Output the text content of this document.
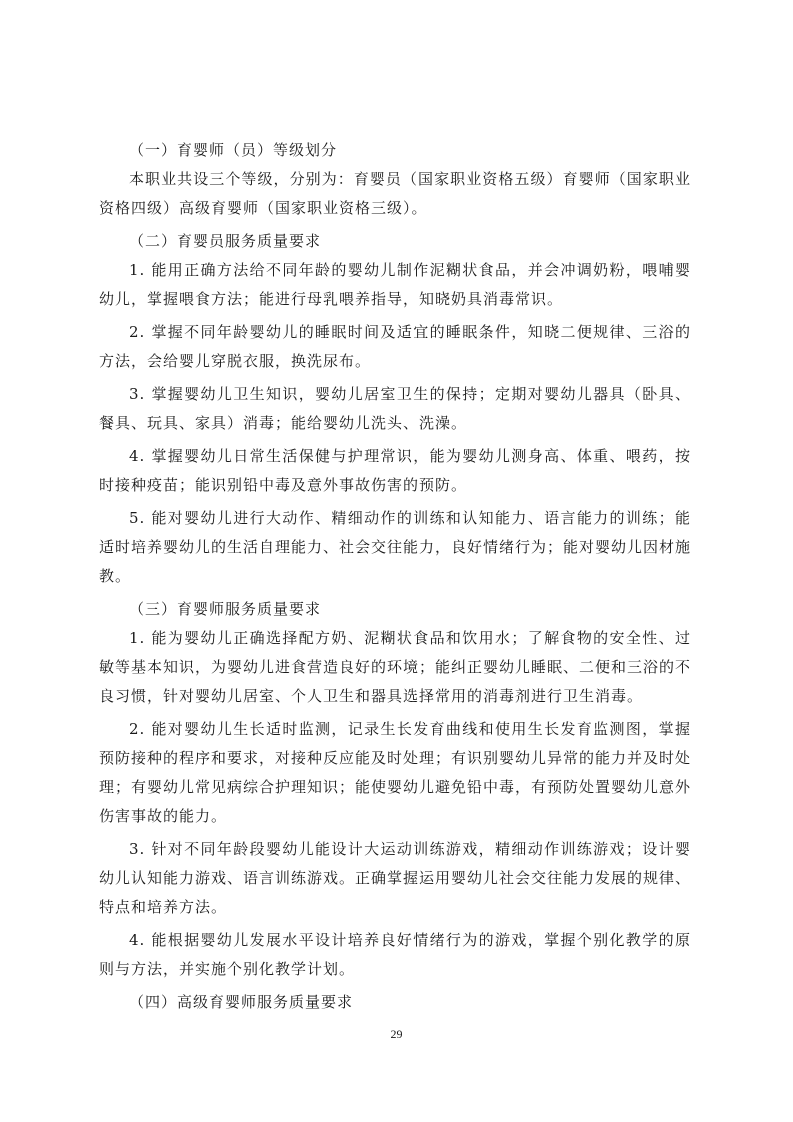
（一）育婴师（员）等级划分

本职业共设三个等级，分别为：育婴员（国家职业资格五级）育婴师（国家职业资格四级）高级育婴师（国家职业资格三级）。

（二）育婴员服务质量要求

1. 能用正确方法给不同年龄的婴幼儿制作泥糊状食品，并会冲调奶粉，喂哺婴幼儿，掌握喂食方法；能进行母乳喂养指导，知晓奶具消毒常识。

2. 掌握不同年龄婴幼儿的睡眠时间及适宜的睡眠条件，知晓二便规律、三浴的方法，会给婴儿穿脱衣服，换洗尿布。

3. 掌握婴幼儿卫生知识，婴幼儿居室卫生的保持；定期对婴幼儿器具（卧具、餐具、玩具、家具）消毒；能给婴幼儿洗头、洗澡。

4. 掌握婴幼儿日常生活保健与护理常识，能为婴幼儿测身高、体重、喂药，按时接种疫苗；能识别铅中毒及意外事故伤害的预防。

5. 能对婴幼儿进行大动作、精细动作的训练和认知能力、语言能力的训练；能适时培养婴幼儿的生活自理能力、社会交往能力，良好情绪行为；能对婴幼儿因材施教。

（三）育婴师服务质量要求

1. 能为婴幼儿正确选择配方奶、泥糊状食品和饮用水；了解食物的安全性、过敏等基本知识，为婴幼儿进食营造良好的环境；能纠正婴幼儿睡眠、二便和三浴的不良习惯，针对婴幼儿居室、个人卫生和器具选择常用的消毒剂进行卫生消毒。

2. 能对婴幼儿生长适时监测，记录生长发育曲线和使用生长发育监测图，掌握预防接种的程序和要求，对接种反应能及时处理；有识别婴幼儿异常的能力并及时处理；有婴幼儿常见病综合护理知识；能使婴幼儿避免铅中毒，有预防处置婴幼儿意外伤害事故的能力。

3. 针对不同年龄段婴幼儿能设计大运动训练游戏，精细动作训练游戏；设计婴幼儿认知能力游戏、语言训练游戏。正确掌握运用婴幼儿社会交往能力发展的规律、特点和培养方法。

4. 能根据婴幼儿发展水平设计培养良好情绪行为的游戏，掌握个别化教学的原则与方法，并实施个别化教学计划。

（四）高级育婴师服务质量要求

29
